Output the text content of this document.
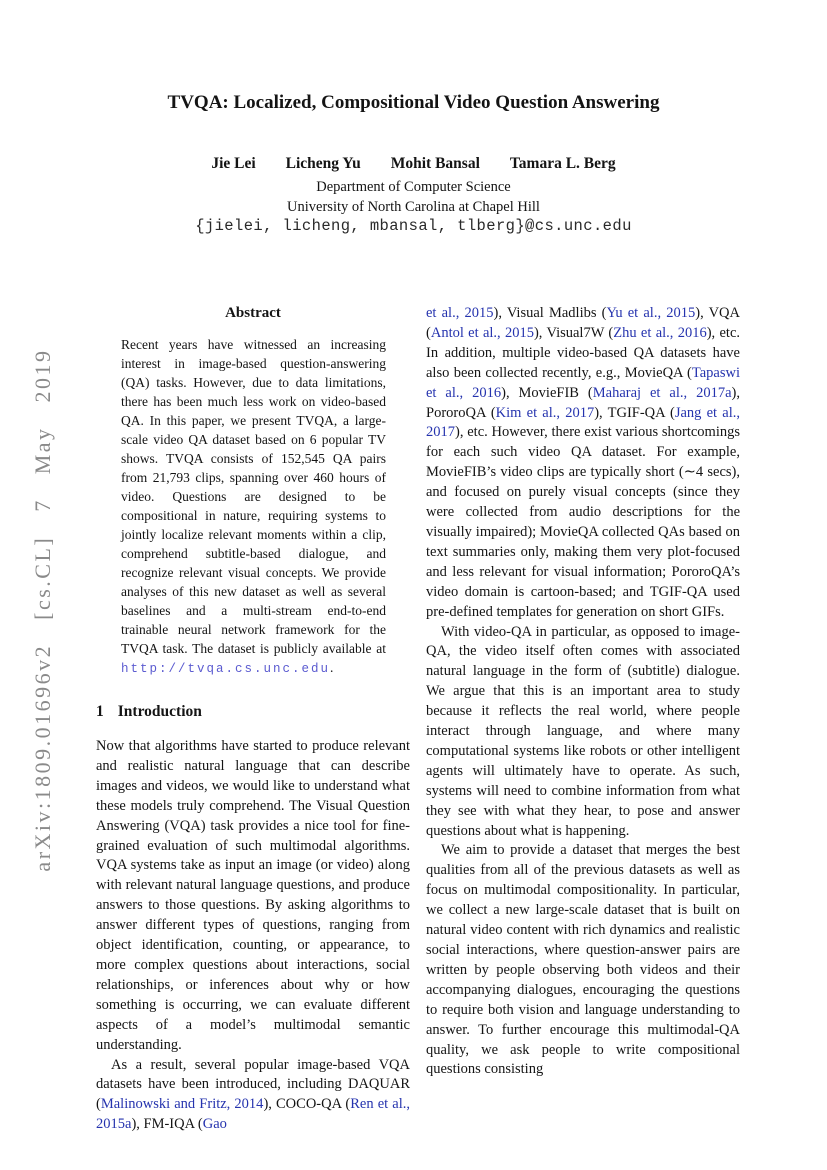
arXiv:1809.01696v2 [cs.CL] 7 May 2019
TVQA: Localized, Compositional Video Question Answering
Jie Lei Licheng Yu Mohit Bansal Tamara L. Berg
Department of Computer Science
University of North Carolina at Chapel Hill
{jielei, licheng, mbansal, tlberg}@cs.unc.edu
Abstract
Recent years have witnessed an increasing interest in image-based question-answering (QA) tasks. However, due to data limitations, there has been much less work on video-based QA. In this paper, we present TVQA, a large-scale video QA dataset based on 6 popular TV shows. TVQA consists of 152,545 QA pairs from 21,793 clips, spanning over 460 hours of video. Questions are designed to be compositional in nature, requiring systems to jointly localize relevant moments within a clip, comprehend subtitle-based dialogue, and recognize relevant visual concepts. We provide analyses of this new dataset as well as several baselines and a multi-stream end-to-end trainable neural network framework for the TVQA task. The dataset is publicly available at http://tvqa.cs.unc.edu.
1 Introduction

Now that algorithms have started to produce relevant and realistic natural language that can describe images and videos, we would like to understand what these models truly comprehend. The Visual Question Answering (VQA) task provides a nice tool for fine-grained evaluation of such multimodal algorithms. VQA systems take as input an image (or video) along with relevant natural language questions, and produce answers to those questions. By asking algorithms to answer different types of questions, ranging from object identification, counting, or appearance, to more complex questions about interactions, social relationships, or inferences about why or how something is occurring, we can evaluate different aspects of a model’s multimodal semantic understanding.

As a result, several popular image-based VQA datasets have been introduced, including DAQUAR (Malinowski and Fritz, 2014), COCO-QA (Ren et al., 2015a), FM-IQA (Gao

et al., 2015), Visual Madlibs (Yu et al., 2015), VQA (Antol et al., 2015), Visual7W (Zhu et al., 2016), etc. In addition, multiple video-based QA datasets have also been collected recently, e.g., MovieQA (Tapaswi et al., 2016), MovieFIB (Maharaj et al., 2017a), PororoQA (Kim et al., 2017), TGIF-QA (Jang et al., 2017), etc. However, there exist various shortcomings for each such video QA dataset. For example, MovieFIB’s video clips are typically short (∼4 secs), and focused on purely visual concepts (since they were collected from audio descriptions for the visually impaired); MovieQA collected QAs based on text summaries only, making them very plot-focused and less relevant for visual information; PororoQA’s video domain is cartoon-based; and TGIF-QA used pre-defined templates for generation on short GIFs.

With video-QA in particular, as opposed to image-QA, the video itself often comes with associated natural language in the form of (subtitle) dialogue. We argue that this is an important area to study because it reflects the real world, where people interact through language, and where many computational systems like robots or other intelligent agents will ultimately have to operate. As such, systems will need to combine information from what they see with what they hear, to pose and answer questions about what is happening.

We aim to provide a dataset that merges the best qualities from all of the previous datasets as well as focus on multimodal compositionality. In particular, we collect a new large-scale dataset that is built on natural video content with rich dynamics and realistic social interactions, where question-answer pairs are written by people observing both videos and their accompanying dialogues, encouraging the questions to require both vision and language understanding to answer. To further encourage this multimodal-QA quality, we ask people to write compositional questions consisting
